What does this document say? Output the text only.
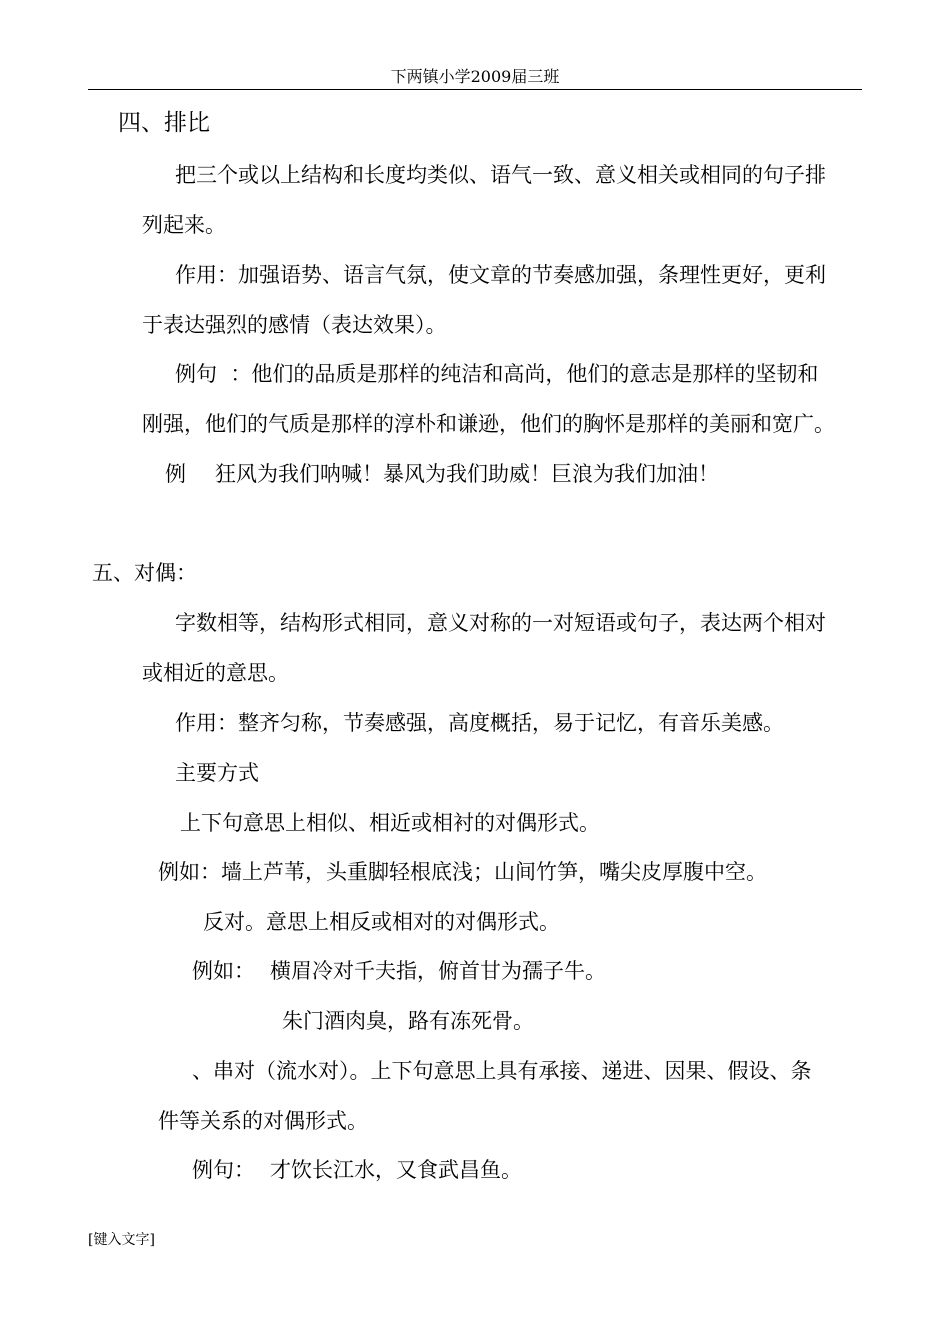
下两镇小学2009届三班
四、排比
把三个或以上结构和长度均类似、语气一致、意义相关或相同的句子排
列起来。
作用：加强语势、语言气氛，使文章的节奏感加强，条理性更好，更利
于表达强烈的感情（表达效果）。
例句  ：他们的品质是那样的纯洁和高尚，他们的意志是那样的坚韧和
刚强，他们的气质是那样的淳朴和谦逊，他们的胸怀是那样的美丽和宽广。
例 狂风为我们呐喊！暴风为我们助威！巨浪为我们加油！
五、对偶：
字数相等，结构形式相同，意义对称的一对短语或句子，表达两个相对
或相近的意思。
作用：整齐匀称，节奏感强，高度概括，易于记忆，有音乐美感。
主要方式
上下句意思上相似、相近或相衬的对偶形式。
例如：墙上芦苇，头重脚轻根底浅；山间竹笋，嘴尖皮厚腹中空。
反对。意思上相反或相对的对偶形式。
例如： 横眉冷对千夫指，俯首甘为孺子牛。
朱门酒肉臭，路有冻死骨。
、串对（流水对）。上下句意思上具有承接、递进、因果、假设、条
件等关系的对偶形式。
例句： 才饮长江水，又食武昌鱼。
[键入文字]
